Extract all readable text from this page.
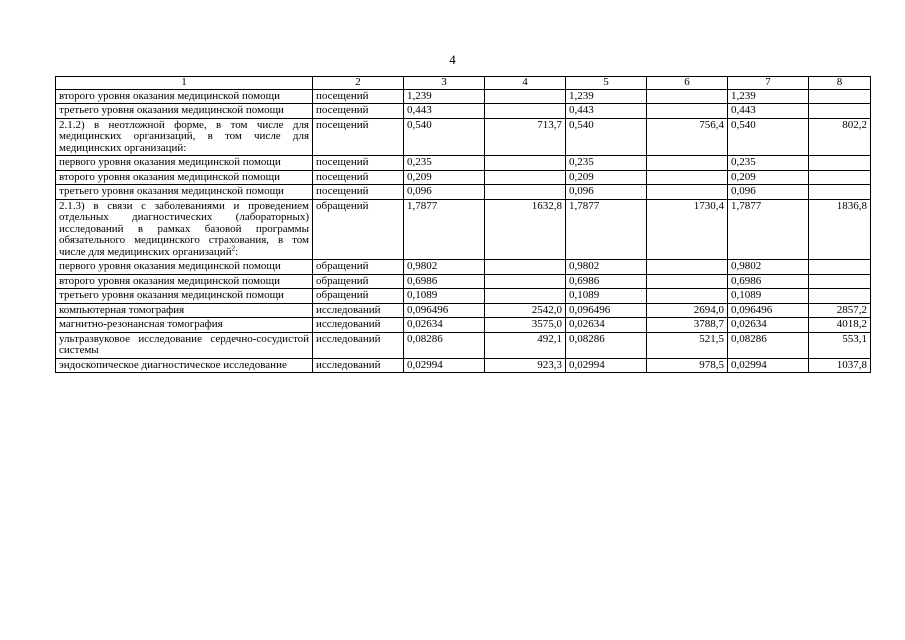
4
1	2	3	4	5	6	7	8
второго уровня оказания медицинской помощи	посещений	1,239		1,239		1,239	
третьего уровня оказания медицинской помощи	посещений	0,443		0,443		0,443	
2.1.2) в неотложной форме, в том числе для медицинских организаций, в том числе для медицинских организаций:	посещений	0,540	713,7	0,540	756,4	0,540	802,2
первого уровня оказания медицинской помощи	посещений	0,235		0,235		0,235	
второго уровня оказания медицинской помощи	посещений	0,209		0,209		0,209	
третьего уровня оказания медицинской помощи	посещений	0,096		0,096		0,096	
2.1.3) в связи с заболеваниями и проведением отдельных диагностических (лабораторных) исследований в рамках базовой программы обязательного медицинского страхования, в том числе для медицинских организаций$^2$:	обращений	1,7877	1632,8	1,7877	1730,4	1,7877	1836,8
первого уровня оказания медицинской помощи	обращений	0,9802		0,9802		0,9802	
второго уровня оказания медицинской помощи	обращений	0,6986		0,6986		0,6986	
третьего уровня оказания медицинской помощи	обращений	0,1089		0,1089		0,1089	
компьютерная томография	исследований	0,096496	2542,0	0,096496	2694,0	0,096496	2857,2
магнитно-резонансная томография	исследований	0,02634	3575,0	0,02634	3788,7	0,02634	4018,2
ультразвуковое исследование сердечно-сосудистой системы	исследований	0,08286	492,1	0,08286	521,5	0,08286	553,1
эндоскопическое диагностическое исследование	исследований	0,02994	923,3	0,02994	978,5	0,02994	1037,8
